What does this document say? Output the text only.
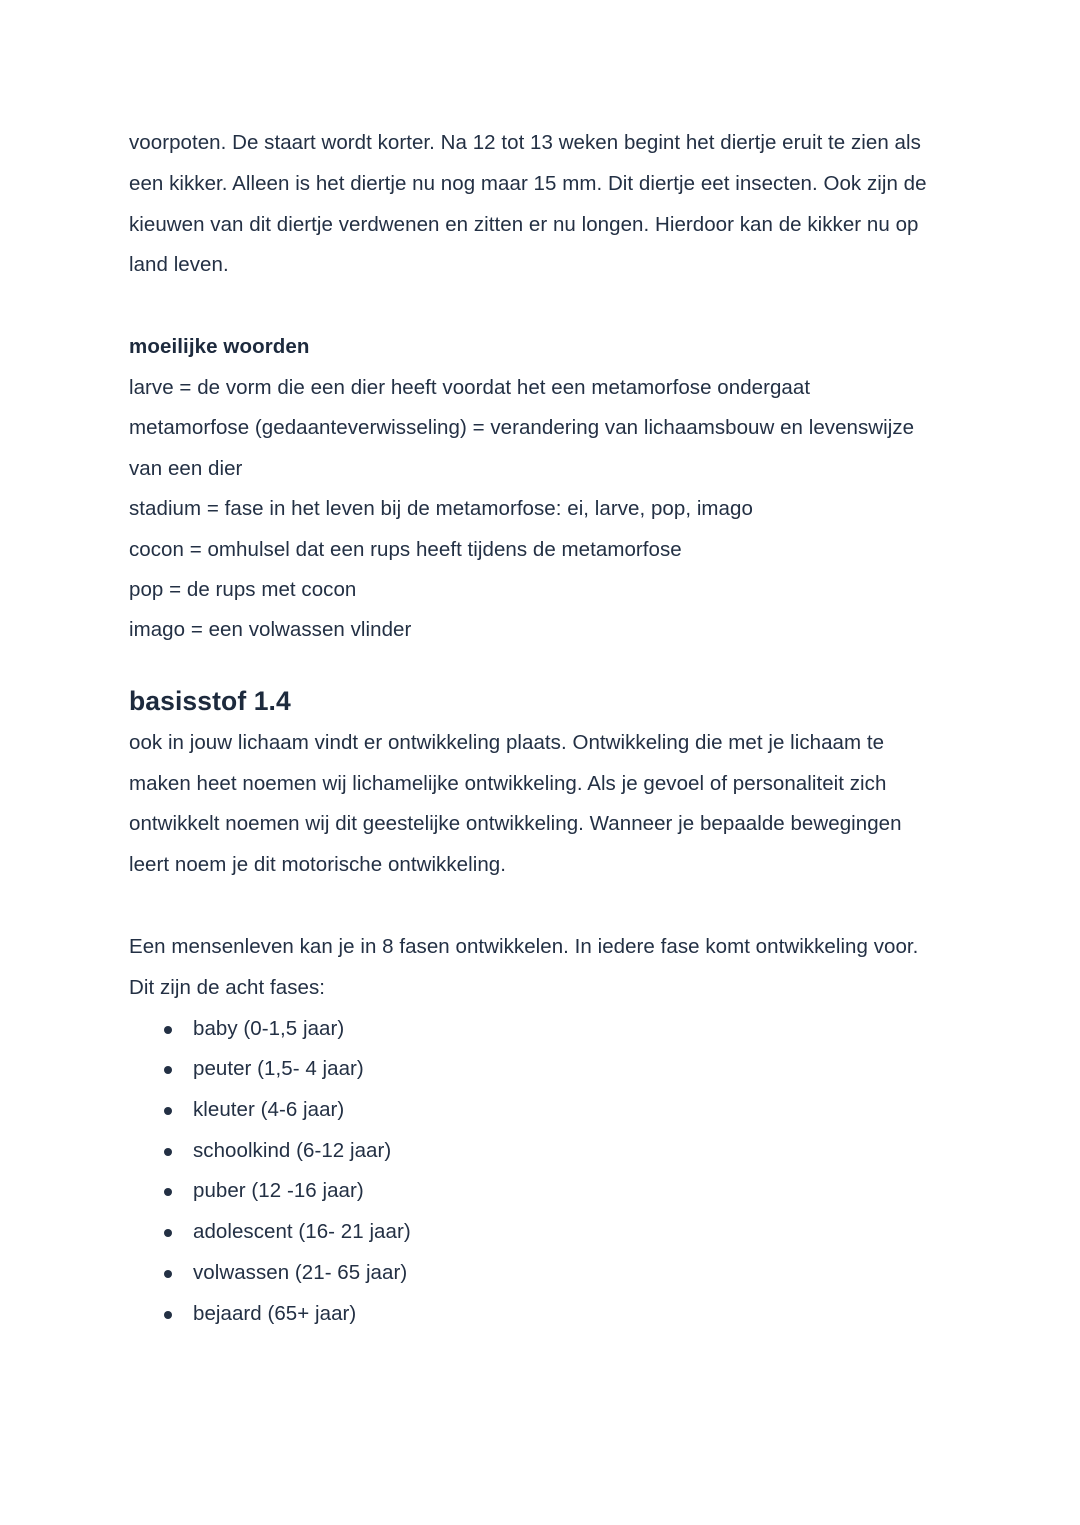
voorpoten. De staart wordt korter. Na 12 tot 13 weken begint het diertje eruit te zien als een kikker. Alleen is het diertje nu nog maar 15 mm. Dit diertje eet insecten. Ook zijn de kieuwen van dit diertje verdwenen en zitten er nu longen. Hierdoor kan de kikker nu op land leven.

moeilijke woorden
larve = de vorm die een dier heeft voordat het een metamorfose ondergaat
metamorfose (gedaanteverwisseling) = verandering van lichaamsbouw en levenswijze van een dier
stadium = fase in het leven bij de metamorfose: ei, larve, pop, imago
cocon = omhulsel dat een rups heeft tijdens de metamorfose
pop = de rups met cocon
imago = een volwassen vlinder
basisstof 1.4

ook in jouw lichaam vindt er ontwikkeling plaats. Ontwikkeling die met je lichaam te maken heet noemen wij lichamelijke ontwikkeling. Als je gevoel of personaliteit zich ontwikkelt noemen wij dit geestelijke ontwikkeling. Wanneer je bepaalde bewegingen leert noem je dit motorische ontwikkeling.

Een mensenleven kan je in 8 fasen ontwikkelen. In iedere fase komt ontwikkeling voor. Dit zijn de acht fases:

baby (0-1,5 jaar)
peuter (1,5- 4 jaar)
kleuter (4-6 jaar)
schoolkind (6-12 jaar)
puber (12 -16 jaar)
adolescent (16- 21 jaar)
volwassen (21- 65 jaar)
bejaard (65+ jaar)
